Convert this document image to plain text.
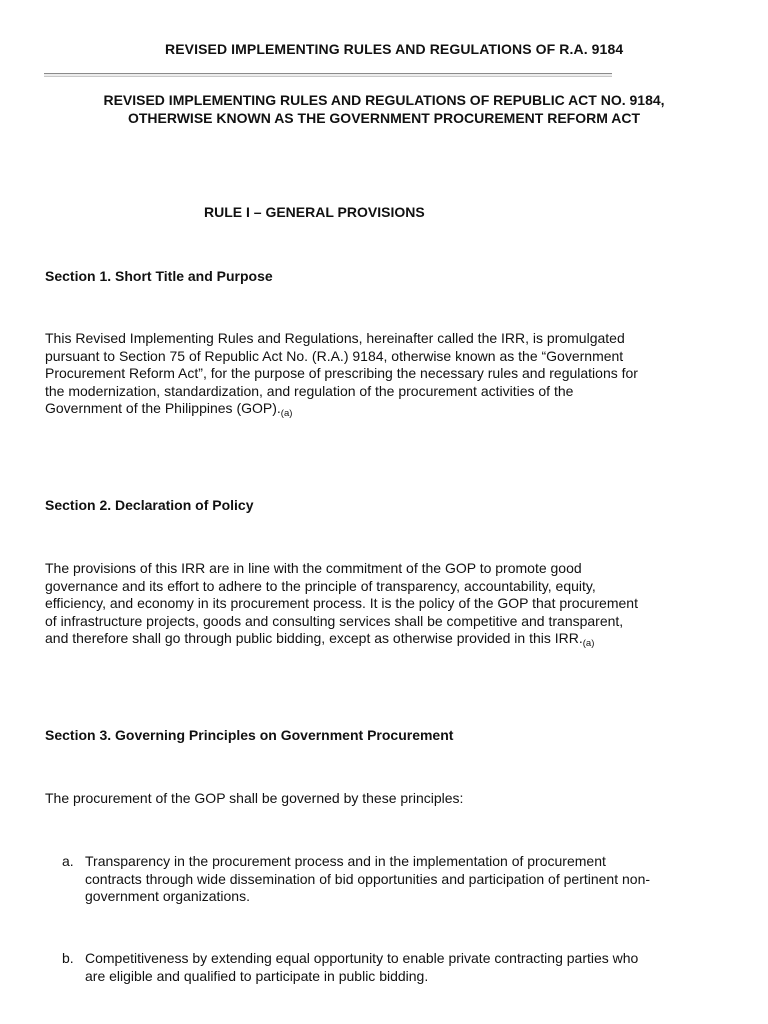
REVISED IMPLEMENTING RULES AND REGULATIONS OF R.A. 9184
REVISED IMPLEMENTING RULES AND REGULATIONS OF REPUBLIC ACT NO. 9184,
OTHERWISE KNOWN AS THE GOVERNMENT PROCUREMENT REFORM ACT
RULE I – GENERAL PROVISIONS
Section 1. Short Title and Purpose
This Revised Implementing Rules and Regulations, hereinafter called the IRR, is promulgated
pursuant to Section 75 of Republic Act No. (R.A.) 9184, otherwise known as the “Government
Procurement Reform Act”, for the purpose of prescribing the necessary rules and regulations for
the modernization, standardization, and regulation of the procurement activities of the
Government of the Philippines $(GOP)._{(a)}$
Section 2. Declaration of Policy
The provisions of this IRR are in line with the commitment of the GOP to promote good
governance and its effort to adhere to the principle of transparency, accountability, equity,
efficiency, and economy in its procurement process. It is the policy of the GOP that procurement
of infrastructure projects, goods and consulting services shall be competitive and transparent,
and therefore shall go through public bidding, except as otherwise provided in this $IRR._{(a)}$
Section 3. Governing Principles on Government Procurement
The procurement of the GOP shall be governed by these principles:
a. Transparency in the procurement process and in the implementation of procurement
contracts through wide dissemination of bid opportunities and participation of pertinent non-
government organizations.
b. Competitiveness by extending equal opportunity to enable private contracting parties who
are eligible and qualified to participate in public bidding.
